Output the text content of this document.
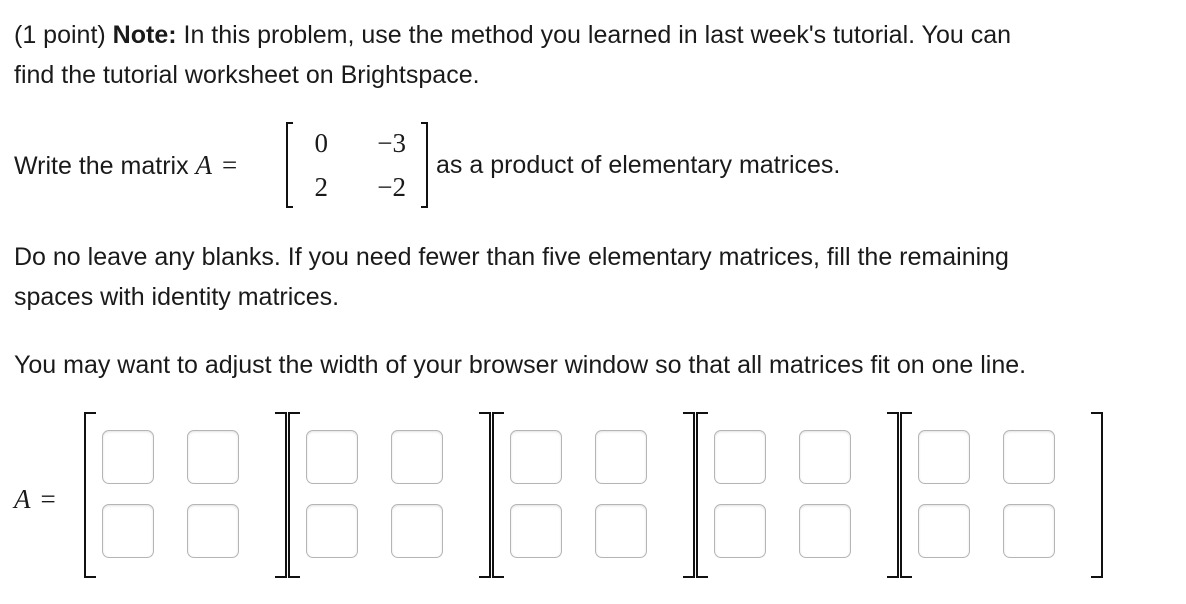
(1 point) Note: In this problem, use the method you learned in last week's tutorial. You can
find the tutorial worksheet on Brightspace.
Write the matrix A =
0	−3
2	−2
as a product of elementary matrices.
Do no leave any blanks. If you need fewer than five elementary matrices, fill the remaining
spaces with identity matrices.
You may want to adjust the width of your browser window so that all matrices fit on one line.
A =
